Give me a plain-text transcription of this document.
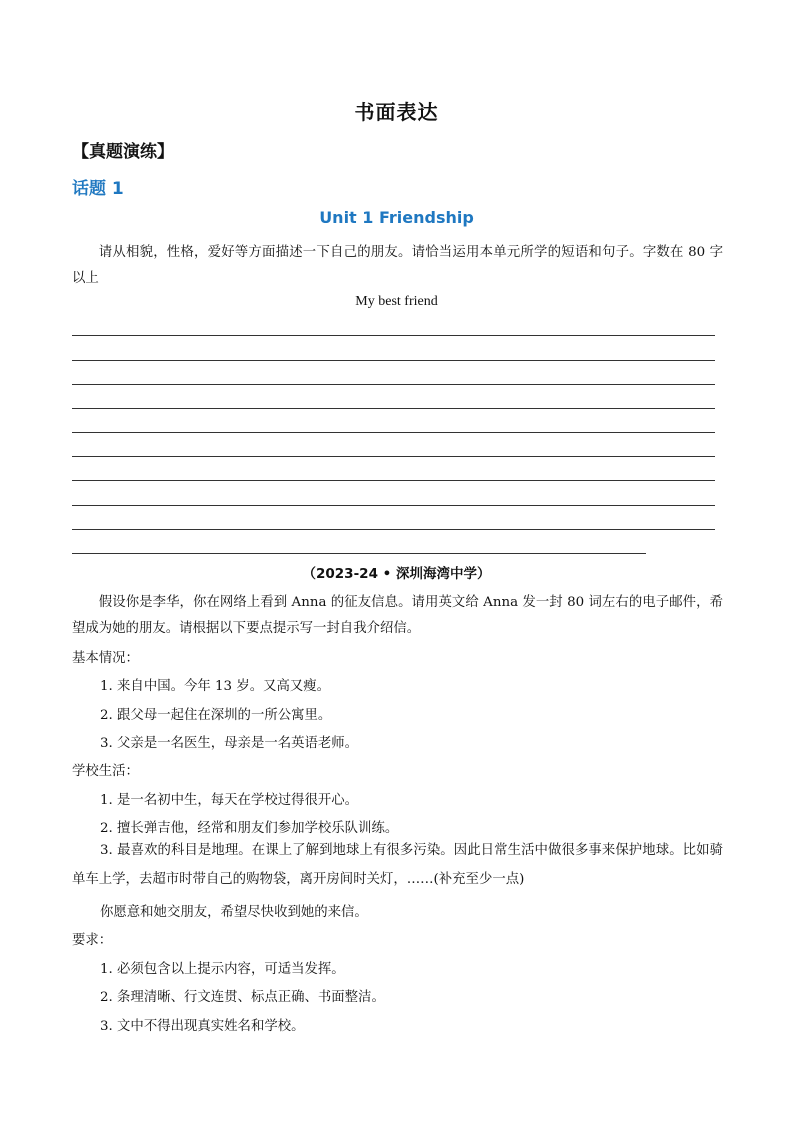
书面表达
【真题演练】
话题 1
Unit 1 Friendship
请从相貌，性格，爱好等方面描述一下自己的朋友。请恰当运用本单元所学的短语和句子。字数在 80 字以上
My best friend
（2023-24 • 深圳海湾中学）
假设你是李华，你在网络上看到 Anna 的征友信息。请用英文给 Anna 发一封 80 词左右的电子邮件，希望成为她的朋友。请根据以下要点提示写一封自我介绍信。
基本情况：
1. 来自中国。今年 13 岁。又高又瘦。
2. 跟父母一起住在深圳的一所公寓里。
3. 父亲是一名医生，母亲是一名英语老师。
学校生活：
1. 是一名初中生，每天在学校过得很开心。
2. 擅长弹吉他，经常和朋友们参加学校乐队训练。
3. 最喜欢的科目是地理。在课上了解到地球上有很多污染。因此日常生活中做很多事来保护地球。比如骑单车上学，去超市时带自己的购物袋，离开房间时关灯，……(补充至少一点)
你愿意和她交朋友，希望尽快收到她的来信。
要求：
1. 必须包含以上提示内容，可适当发挥。
2. 条理清晰、行文连贯、标点正确、书面整洁。
3. 文中不得出现真实姓名和学校。
